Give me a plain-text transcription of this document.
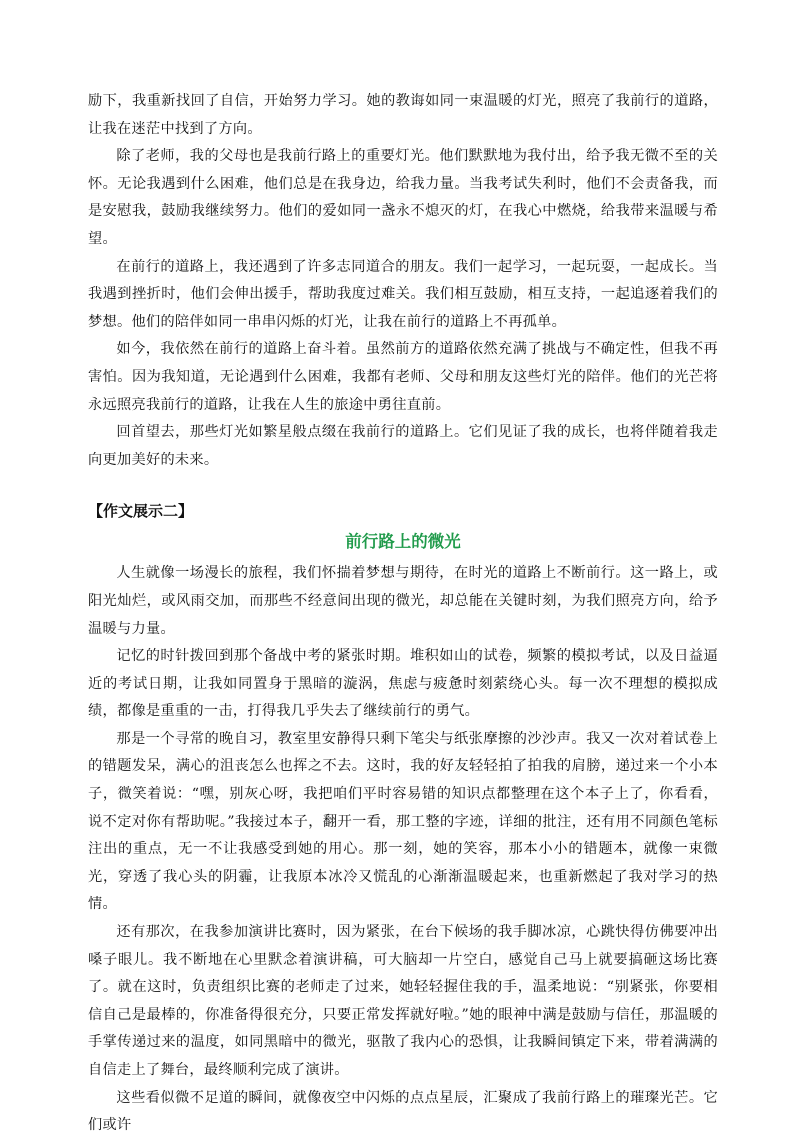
励下，我重新找回了自信，开始努力学习。她的教诲如同一束温暖的灯光，照亮了我前行的道路，让我在迷茫中找到了方向。

除了老师，我的父母也是我前行路上的重要灯光。他们默默地为我付出，给予我无微不至的关怀。无论我遇到什么困难，他们总是在我身边，给我力量。当我考试失利时，他们不会责备我，而是安慰我，鼓励我继续努力。他们的爱如同一盏永不熄灭的灯，在我心中燃烧，给我带来温暖与希望。

在前行的道路上，我还遇到了许多志同道合的朋友。我们一起学习，一起玩耍，一起成长。当我遇到挫折时，他们会伸出援手，帮助我度过难关。我们相互鼓励，相互支持，一起追逐着我们的梦想。他们的陪伴如同一串串闪烁的灯光，让我在前行的道路上不再孤单。

如今，我依然在前行的道路上奋斗着。虽然前方的道路依然充满了挑战与不确定性，但我不再害怕。因为我知道，无论遇到什么困难，我都有老师、父母和朋友这些灯光的陪伴。他们的光芒将永远照亮我前行的道路，让我在人生的旅途中勇往直前。

回首望去，那些灯光如繁星般点缀在我前行的道路上。它们见证了我的成长，也将伴随着我走向更加美好的未来。

【作文展示二】
前行路上的微光

人生就像一场漫长的旅程，我们怀揣着梦想与期待，在时光的道路上不断前行。这一路上，或阳光灿烂，或风雨交加，而那些不经意间出现的微光，却总能在关键时刻，为我们照亮方向，给予温暖与力量。

记忆的时针拨回到那个备战中考的紧张时期。堆积如山的试卷，频繁的模拟考试，以及日益逼近的考试日期，让我如同置身于黑暗的漩涡，焦虑与疲惫时刻萦绕心头。每一次不理想的模拟成绩，都像是重重的一击，打得我几乎失去了继续前行的勇气。

那是一个寻常的晚自习，教室里安静得只剩下笔尖与纸张摩擦的沙沙声。我又一次对着试卷上的错题发呆，满心的沮丧怎么也挥之不去。这时，我的好友轻轻拍了拍我的肩膀，递过来一个小本子，微笑着说：“嘿，别灰心呀，我把咱们平时容易错的知识点都整理在这个本子上了，你看看，说不定对你有帮助呢。”我接过本子，翻开一看，那工整的字迹，详细的批注，还有用不同颜色笔标注出的重点，无一不让我感受到她的用心。那一刻，她的笑容，那本小小的错题本，就像一束微光，穿透了我心头的阴霾，让我原本冰冷又慌乱的心渐渐温暖起来，也重新燃起了我对学习的热情。

还有那次，在我参加演讲比赛时，因为紧张，在台下候场的我手脚冰凉，心跳快得仿佛要冲出嗓子眼儿。我不断地在心里默念着演讲稿，可大脑却一片空白，感觉自己马上就要搞砸这场比赛了。就在这时，负责组织比赛的老师走了过来，她轻轻握住我的手，温柔地说：“别紧张，你要相信自己是最棒的，你准备得很充分，只要正常发挥就好啦。”她的眼神中满是鼓励与信任，那温暖的手掌传递过来的温度，如同黑暗中的微光，驱散了我内心的恐惧，让我瞬间镇定下来，带着满满的自信走上了舞台，最终顺利完成了演讲。

这些看似微不足道的瞬间，就像夜空中闪烁的点点星辰，汇聚成了我前行路上的璀璨光芒。它们或许
